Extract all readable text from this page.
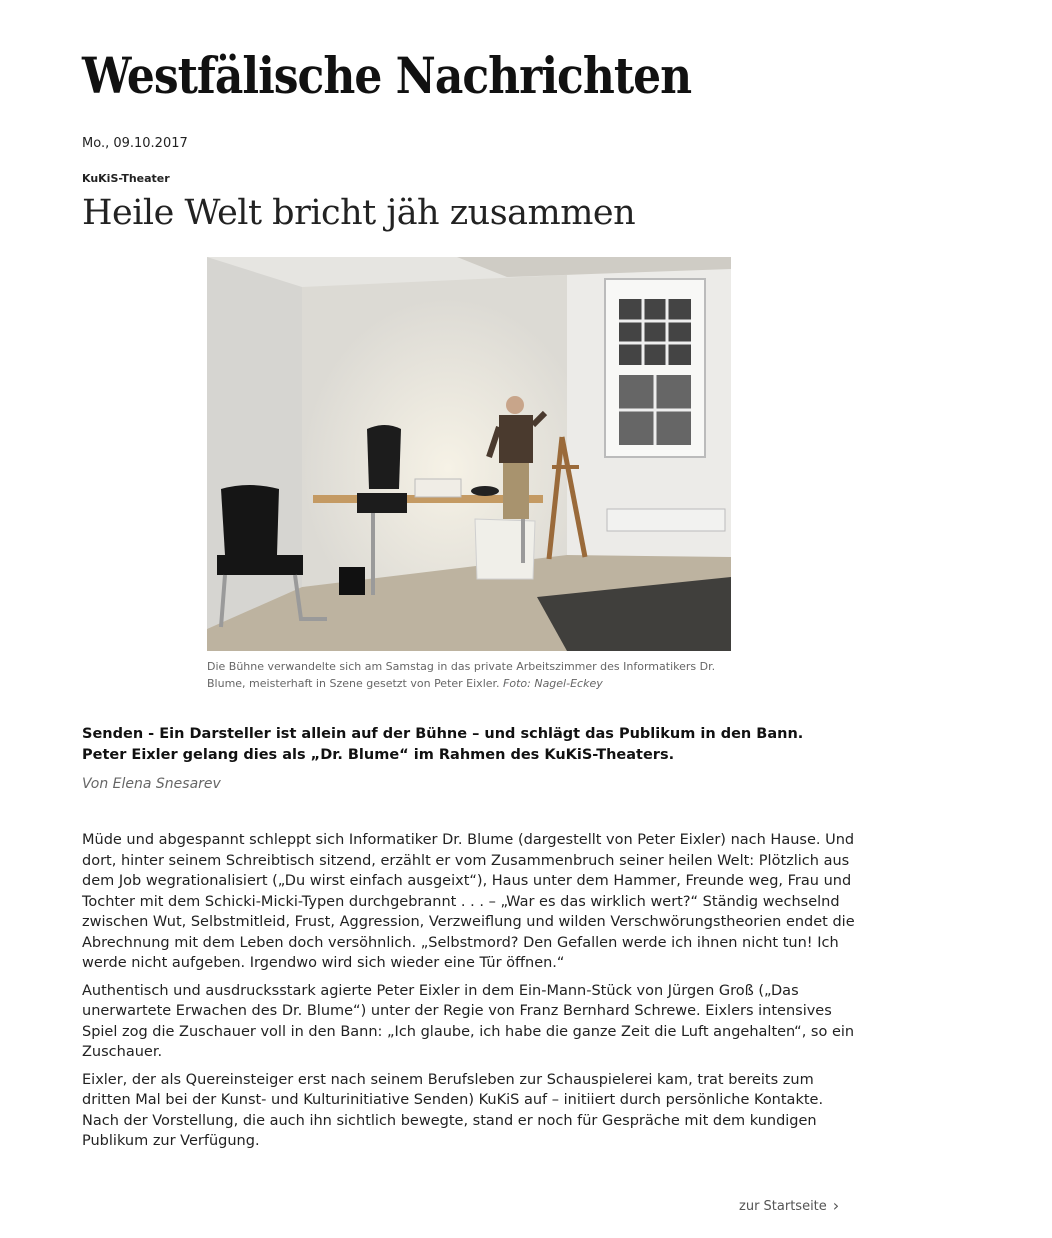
Westfälische Nachrichten
Mo., 09.10.2017
KuKiS-Theater
Heile Welt bricht jäh zusammen
Die Bühne verwandelte sich am Samstag in das private Arbeitszimmer des Informatikers Dr. Blume, meisterhaft in Szene gesetzt von Peter Eixler. Foto: Nagel-Eckey

Senden - Ein Darsteller ist allein auf der Bühne – und schlägt das Publikum in den Bann. Peter Eixler gelang dies als „Dr. Blume“ im Rahmen des KuKiS-Theaters.

Von Elena Snesarev

Müde und abgespannt schleppt sich Informatiker Dr. Blume (dargestellt von Peter Eixler) nach Hause. Und dort, hinter seinem Schreibtisch sitzend, erzählt er vom Zusammenbruch seiner heilen Welt: Plötzlich aus dem Job wegrationalisiert („Du wirst einfach ausgeixt“), Haus unter dem Hammer, Freunde weg, Frau und Tochter mit dem Schicki-Micki-Typen durchgebrannt . . . – „War es das wirklich wert?“ Ständig wechselnd zwischen Wut, Selbstmitleid, Frust, Aggression, Verzweiflung und wilden Verschwörungstheorien endet die Abrechnung mit dem Leben doch versöhnlich. „Selbstmord? Den Gefallen werde ich ihnen nicht tun! Ich werde nicht aufgeben. Irgendwo wird sich wieder eine Tür öffnen.“

Authentisch und ausdrucksstark agierte Peter Eixler in dem Ein-Mann-Stück von Jürgen Groß („Das unerwartete Erwachen des Dr. Blume“) unter der Regie von Franz Bernhard Schrewe. Eixlers intensives Spiel zog die Zuschauer voll in den Bann: „Ich glaube, ich habe die ganze Zeit die Luft angehalten“, so ein Zuschauer.

Eixler, der als Quereinsteiger erst nach seinem Berufsleben zur Schauspielerei kam, trat bereits zum dritten Mal bei der Kunst- und Kulturinitiative Senden) KuKiS auf – initiiert durch persönliche Kontakte. Nach der Vorstellung, die auch ihn sichtlich bewegte, stand er noch für Gespräche mit dem kundigen Publikum zur Verfügung.

zur Startseite ›
